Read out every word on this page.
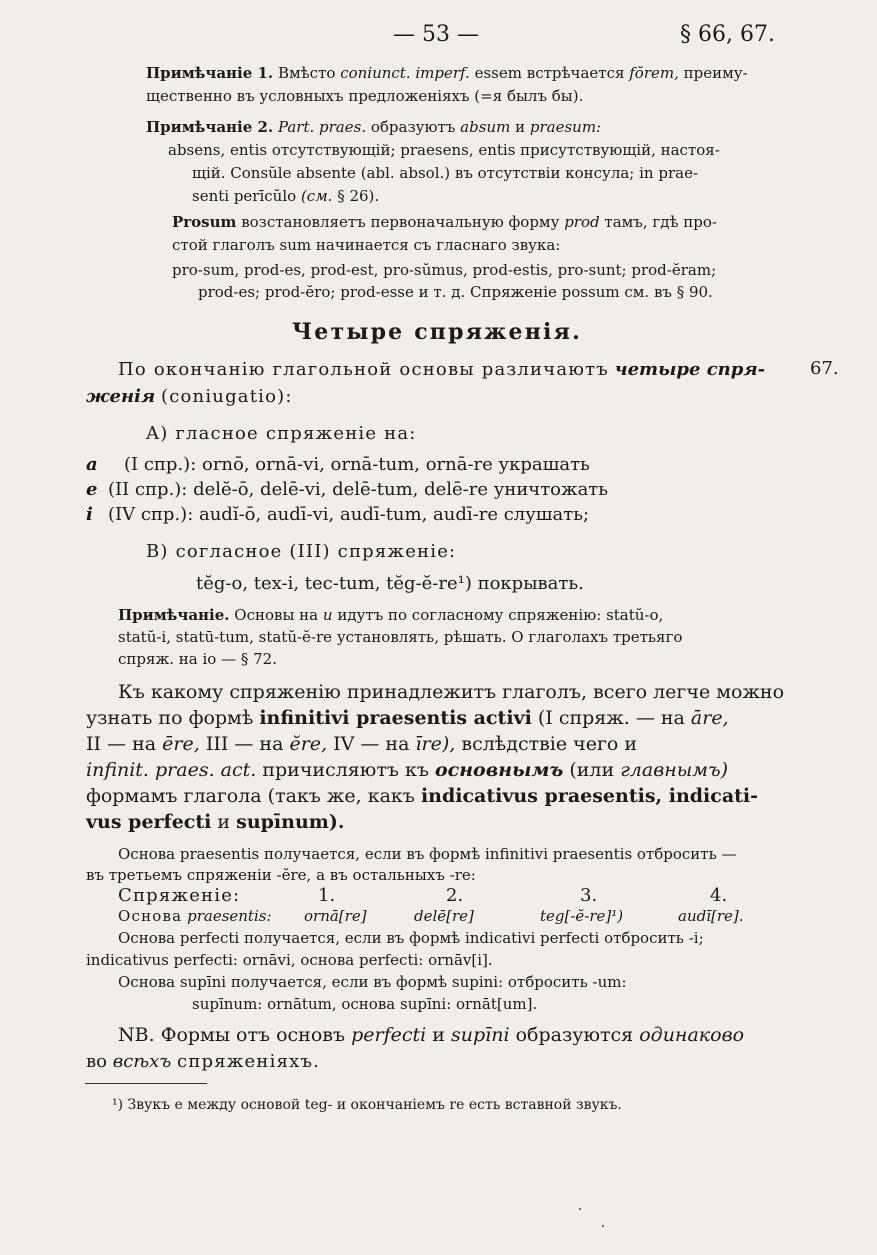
— 53 —	§ 66, 67.
Примѣчаніе 1. Вмѣсто coniunct. imperf. essem встрѣчается fŏrem, преиму-
щественно въ условныхъ предложеніяхъ (=я былъ бы).
Примѣчаніе 2. Part. praes. образуютъ absum и praesum:
absens, entis отсутствующій; praesens, entis присутствующій, настоя-
щій. Consŭle absente (abl. absol.) въ отсутствіи консула; in prae-
senti perīcŭlo (см. § 26).
Prosum возстановляетъ первоначальную форму prod тамъ, гдѣ про-
стой глаголъ sum начинается съ гласнаго звука:
pro-sum, prod-es, prod-est, pro-sŭmus, prod-estis, pro-sunt; prod-ĕram;
prod-es; prod-ĕro; prod-esse и т. д. Спряженіе possum см. въ § 90.
Четыре спряженія.
По окончанію глагольной основы различаютъ четыре спря- 67.
женія (coniugatio):
A) гласное спряженіе на:
a (I спр.): ornō, ornā-vi, ornā-tum, ornā-re украшать
e (II спр.): delĕ-ō, delē-vi, delē-tum, delē-re уничтожать
i (IV спр.): audĭ-ō, audī-vi, audī-tum, audī-re слушать;
B) согласное (III) спряженіе:
tĕg-o, tex-i, tec-tum, tĕg-ĕ-re¹) покрывать.
Примѣчаніе. Основы на u идутъ по согласному спряженію: statŭ-o,
statŭ-i, statū-tum, statŭ-ĕ-re установлять, рѣшать. О глаголахъ третьяго
спряж. на io — § 72.
Къ какому спряженію принадлежитъ глаголъ, всего легче можно
узнать по формѣ infinitivi praesentis activi (I спряж. — на āre,
II — на ēre, III — на ĕre, IV — на īre), вслѣдствіе чего и
infinit. praes. act. причисляютъ къ основнымъ (или главнымъ)
формамъ глагола (такъ же, какъ indicativus praesentis, indicati-
vus perfecti и supīnum).
Основа praesentis получается, если въ формѣ infinitivi praesentis отбросить —
въ третьемъ спряженіи -ĕre, а въ остальныхъ -re:
Спряженіе:	1.	2.	3.	4.
Основа praesentis: ornā[re]	delē[re]	teg[-ĕ-re]¹)	audī[re].
Основа perfecti получается, если въ формѣ indicativi perfecti отбросить -i;
indicativus perfecti: ornāvi, основа perfecti: ornāv[i].
Основа supīni получается, если въ формѣ supini: отбросить -um:
supīnum: ornātum, основа supīni: ornāt[um].
NB. Формы отъ основъ perfecti и supīni образуются одинаково
во всѣхъ спряженіяхъ.
¹) Звукъ e между основой teg- и окончаніемъ re есть вставной звукъ.
